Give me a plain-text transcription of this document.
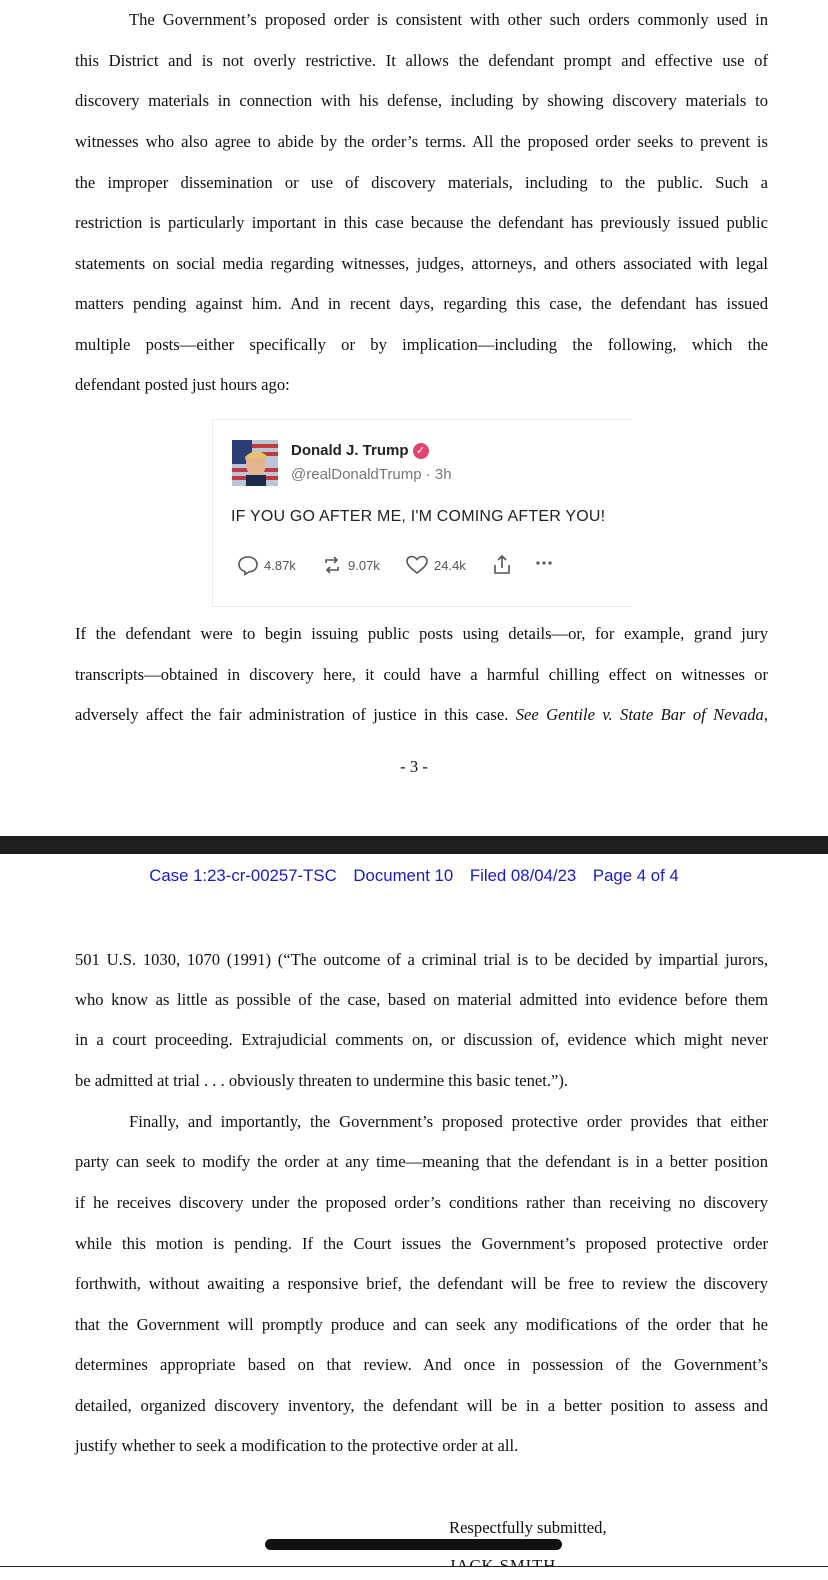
The Government’s proposed order is consistent with other such orders commonly used in
this District and is not overly restrictive. It allows the defendant prompt and effective use of
discovery materials in connection with his defense, including by showing discovery materials to
witnesses who also agree to abide by the order’s terms. All the proposed order seeks to prevent is
the improper dissemination or use of discovery materials, including to the public. Such a
restriction is particularly important in this case because the defendant has previously issued public
statements on social media regarding witnesses, judges, attorneys, and others associated with legal
matters pending against him. And in recent days, regarding this case, the defendant has issued
multiple posts—either specifically or by implication—including the following, which the
defendant posted just hours ago:
Donald J. Trump ✓
@realDonaldTrump · 3h
IF YOU GO AFTER ME, I'M COMING AFTER YOU!
4.87k	9.07k	24.4k
If the defendant were to begin issuing public posts using details—or, for example, grand jury
transcripts—obtained in discovery here, it could have a harmful chilling effect on witnesses or
adversely affect the fair administration of justice in this case. See Gentile v. State Bar of Nevada,
- 3 -
Case 1:23-cr-00257-TSC Document 10 Filed 08/04/23 Page 4 of 4
501 U.S. 1030, 1070 (1991) (“The outcome of a criminal trial is to be decided by impartial jurors,
who know as little as possible of the case, based on material admitted into evidence before them
in a court proceeding. Extrajudicial comments on, or discussion of, evidence which might never
be admitted at trial . . . obviously threaten to undermine this basic tenet.”).
Finally, and importantly, the Government’s proposed protective order provides that either
party can seek to modify the order at any time—meaning that the defendant is in a better position
if he receives discovery under the proposed order’s conditions rather than receiving no discovery
while this motion is pending. If the Court issues the Government’s proposed protective order
forthwith, without awaiting a responsive brief, the defendant will be free to review the discovery
that the Government will promptly produce and can seek any modifications of the order that he
determines appropriate based on that review. And once in possession of the Government’s
detailed, organized discovery inventory, the defendant will be in a better position to assess and
justify whether to seek a modification to the protective order at all.
Respectfully submitted,
